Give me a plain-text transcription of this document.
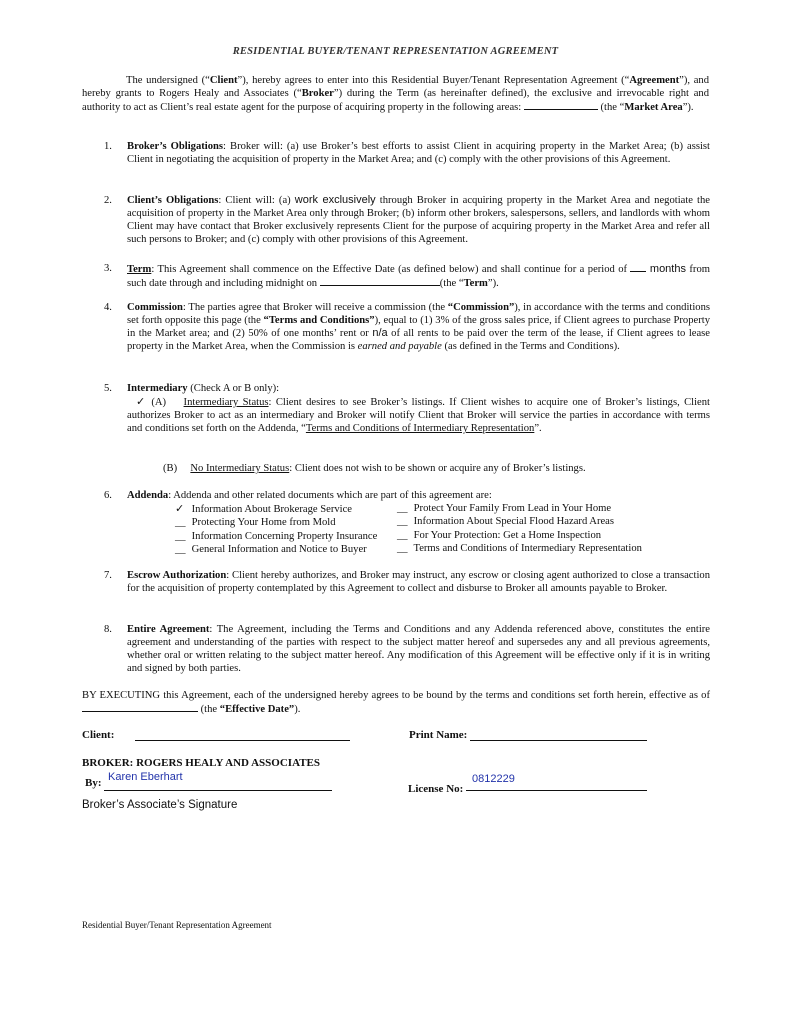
RESIDENTIAL BUYER/TENANT REPRESENTATION AGREEMENT
The undersigned (“Client”), hereby agrees to enter into this Residential Buyer/Tenant Representation Agreement (“Agreement”), and hereby grants to Rogers Healy and Associates (“Broker”) during the Term (as hereinafter defined), the exclusive and irrevocable right and authority to act as Client’s real estate agent for the purpose of acquiring property in the following areas:	(the “Market Area”).
1. Broker’s Obligations: Broker will: (a) use Broker’s best efforts to assist Client in acquiring property in the Market Area; (b) assist Client in negotiating the acquisition of property in the Market Area; and (c) comply with the other provisions of this Agreement.
2. Client’s Obligations: Client will: (a) work exclusively through Broker in acquiring property in the Market Area and negotiate the acquisition of property in the Market Area only through Broker; (b) inform other brokers, salespersons, sellers, and landlords with whom Client may have contact that Broker exclusively represents Client for the purpose of acquiring property in the Market Area and refer all such persons to Broker; and (c) comply with other provisions of this Agreement.
3. Term: This Agreement shall commence on the Effective Date (as defined below) and shall continue for a period of  months from such date through and including midnight on	(the “Term”).
4. Commission: The parties agree that Broker will receive a commission (the “Commission”), in accordance with the terms and conditions set forth opposite this page (the “Terms and Conditions”), equal to (1) 3% of the gross sales price, if Client agrees to purchase Property in the Market area; and (2) 50% of one months’ rent or n/a of all rents to be paid over the term of the lease, if Client agrees to lease property in the Market Area, when the Commission is earned and payable (as defined in the Terms and Conditions).
5. Intermediary (Check A or B only):
✓ (A) Intermediary Status: Client desires to see Broker’s listings. If Client wishes to acquire one of Broker’s listings, Client authorizes Broker to act as an intermediary and Broker will notify Client that Broker will service the parties in accordance with terms and conditions set forth on the Addenda, “Terms and Conditions of Intermediary Representation”.
(B) No Intermediary Status: Client does not wish to be shown or acquire any of Broker’s listings.
6. Addenda: Addenda and other related documents which are part of this agreement are:
✓ Information About Brokerage Service
__ Protecting Your Home from Mold
__ Information Concerning Property Insurance
__ General Information and Notice to Buyer
__ Protect Your Family From Lead in Your Home
__ Information About Special Flood Hazard Areas
__ For Your Protection: Get a Home Inspection
__ Terms and Conditions of Intermediary Representation
7. Escrow Authorization: Client hereby authorizes, and Broker may instruct, any escrow or closing agent authorized to close a transaction for the acquisition of property contemplated by this Agreement to collect and disburse to Broker all amounts payable to Broker.
8. Entire Agreement: The Agreement, including the Terms and Conditions and any Addenda referenced above, constitutes the entire agreement and understanding of the parties with respect to the subject matter hereof and supersedes any and all previous agreements, whether oral or written relating to the subject matter hereof. Any modification of this Agreement will be effective only if it is in writing and signed by both parties.
BY EXECUTING this Agreement, each of the undersigned hereby agrees to be bound by the terms and conditions set forth herein, effective as of  (the “Effective Date”).
Client:	Print Name:
BROKER: ROGERS HEALY AND ASSOCIATES
By: Karen Eberhart
License No:
0812229
Broker’s Associate’s Signature
Residential Buyer/Tenant Representation Agreement
